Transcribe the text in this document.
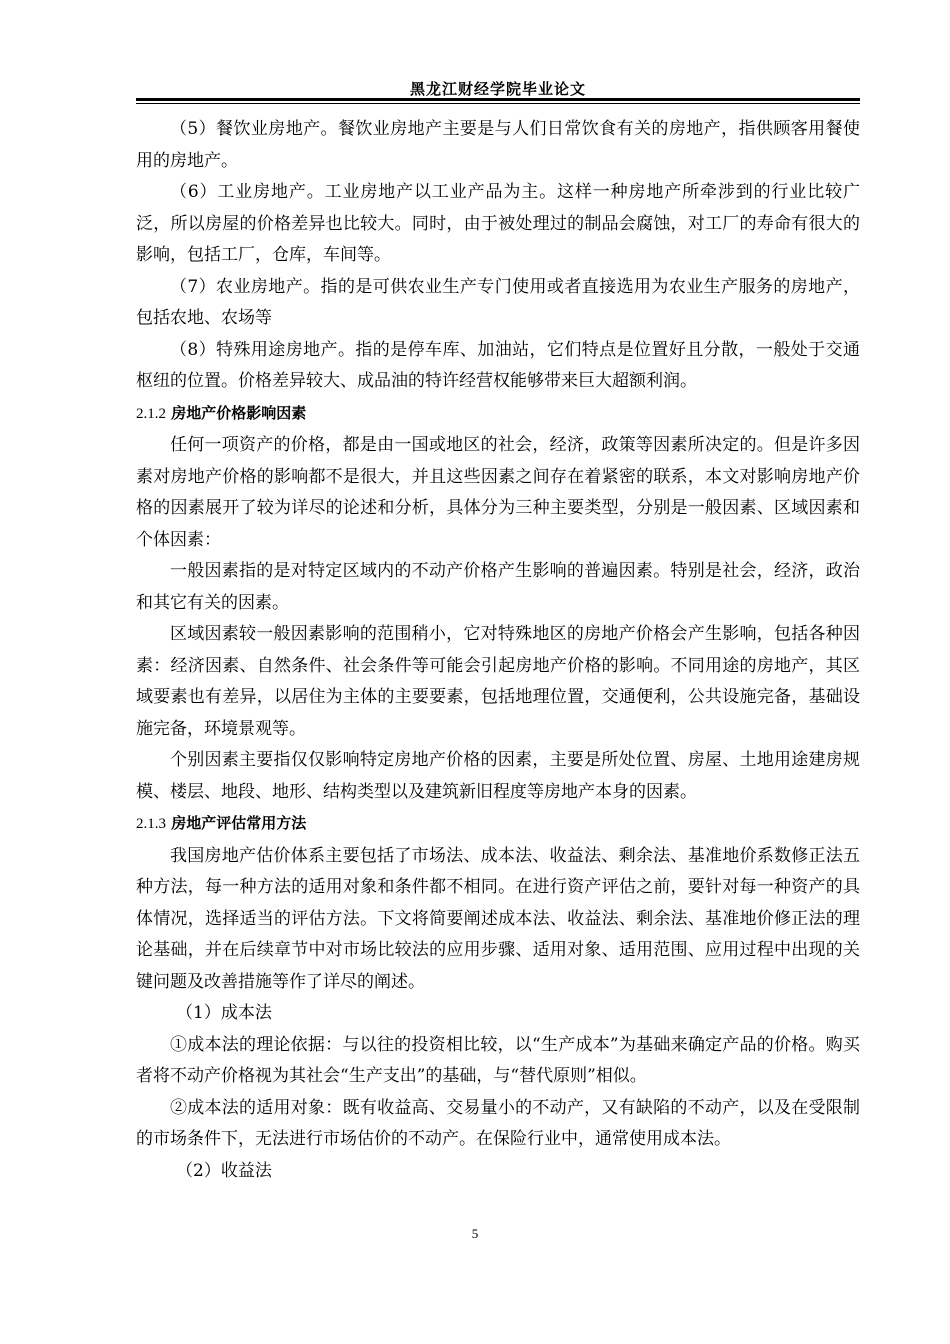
黑龙江财经学院毕业论文

（5）餐饮业房地产。餐饮业房地产主要是与人们日常饮食有关的房地产，指供顾客用餐使用的房地产。

（6）工业房地产。工业房地产以工业产品为主。这样一种房地产所牵涉到的行业比较广泛，所以房屋的价格差异也比较大。同时，由于被处理过的制品会腐蚀，对工厂的寿命有很大的影响，包括工厂，仓库，车间等。

（7）农业房地产。指的是可供农业生产专门使用或者直接选用为农业生产服务的房地产，包括农地、农场等

（8）特殊用途房地产。指的是停车库、加油站，它们特点是位置好且分散，一般处于交通枢纽的位置。价格差异较大、成品油的特许经营权能够带来巨大超额利润。

2.1.2 房地产价格影响因素

任何一项资产的价格，都是由一国或地区的社会，经济，政策等因素所决定的。但是许多因素对房地产价格的影响都不是很大，并且这些因素之间存在着紧密的联系，本文对影响房地产价格的因素展开了较为详尽的论述和分析，具体分为三种主要类型，分别是一般因素、区域因素和个体因素：

一般因素指的是对特定区域内的不动产价格产生影响的普遍因素。特别是社会，经济，政治和其它有关的因素。

区域因素较一般因素影响的范围稍小，它对特殊地区的房地产价格会产生影响，包括各种因素：经济因素、自然条件、社会条件等可能会引起房地产价格的影响。不同用途的房地产，其区域要素也有差异，以居住为主体的主要要素，包括地理位置，交通便利，公共设施完备，基础设施完备，环境景观等。

个别因素主要指仅仅影响特定房地产价格的因素，主要是所处位置、房屋、土地用途建房规模、楼层、地段、地形、结构类型以及建筑新旧程度等房地产本身的因素。

2.1.3 房地产评估常用方法

我国房地产估价体系主要包括了市场法、成本法、收益法、剩余法、基准地价系数修正法五种方法，每一种方法的适用对象和条件都不相同。在进行资产评估之前，要针对每一种资产的具体情况，选择适当的评估方法。下文将简要阐述成本法、收益法、剩余法、基准地价修正法的理论基础，并在后续章节中对市场比较法的应用步骤、适用对象、适用范围、应用过程中出现的关键问题及改善措施等作了详尽的阐述。

（1）成本法

①成本法的理论依据：与以往的投资相比较，以“生产成本”为基础来确定产品的价格。购买者将不动产价格视为其社会“生产支出”的基础，与“替代原则”相似。

②成本法的适用对象：既有收益高、交易量小的不动产，又有缺陷的不动产，以及在受限制的市场条件下，无法进行市场估价的不动产。在保险行业中，通常使用成本法。

（2）收益法

5
